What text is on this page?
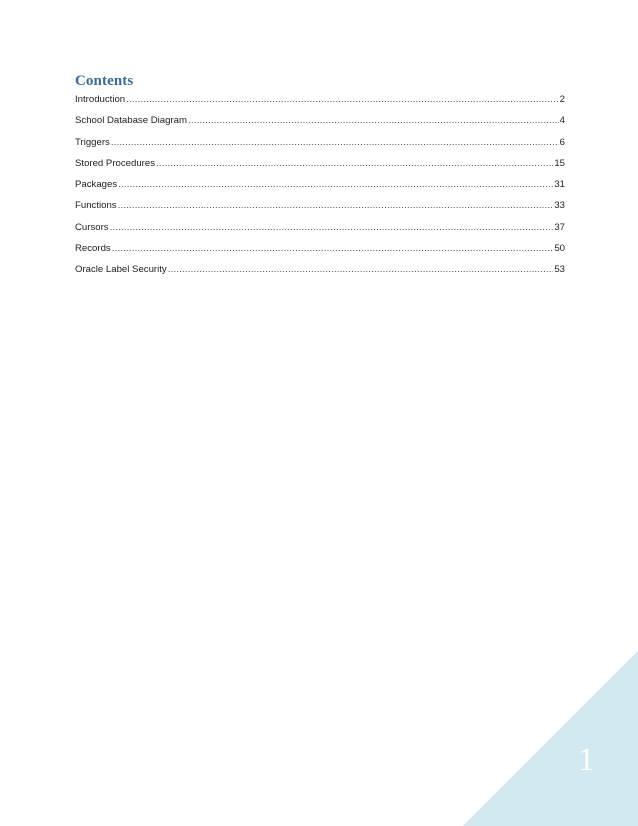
Contents
Introduction .....	2
School Database Diagram .....	4
Triggers .....	6
Stored Procedures .....	15
Packages .....	31
Functions .....	33
Cursors .....	37
Records .....	50
Oracle Label Security .....	53
1
